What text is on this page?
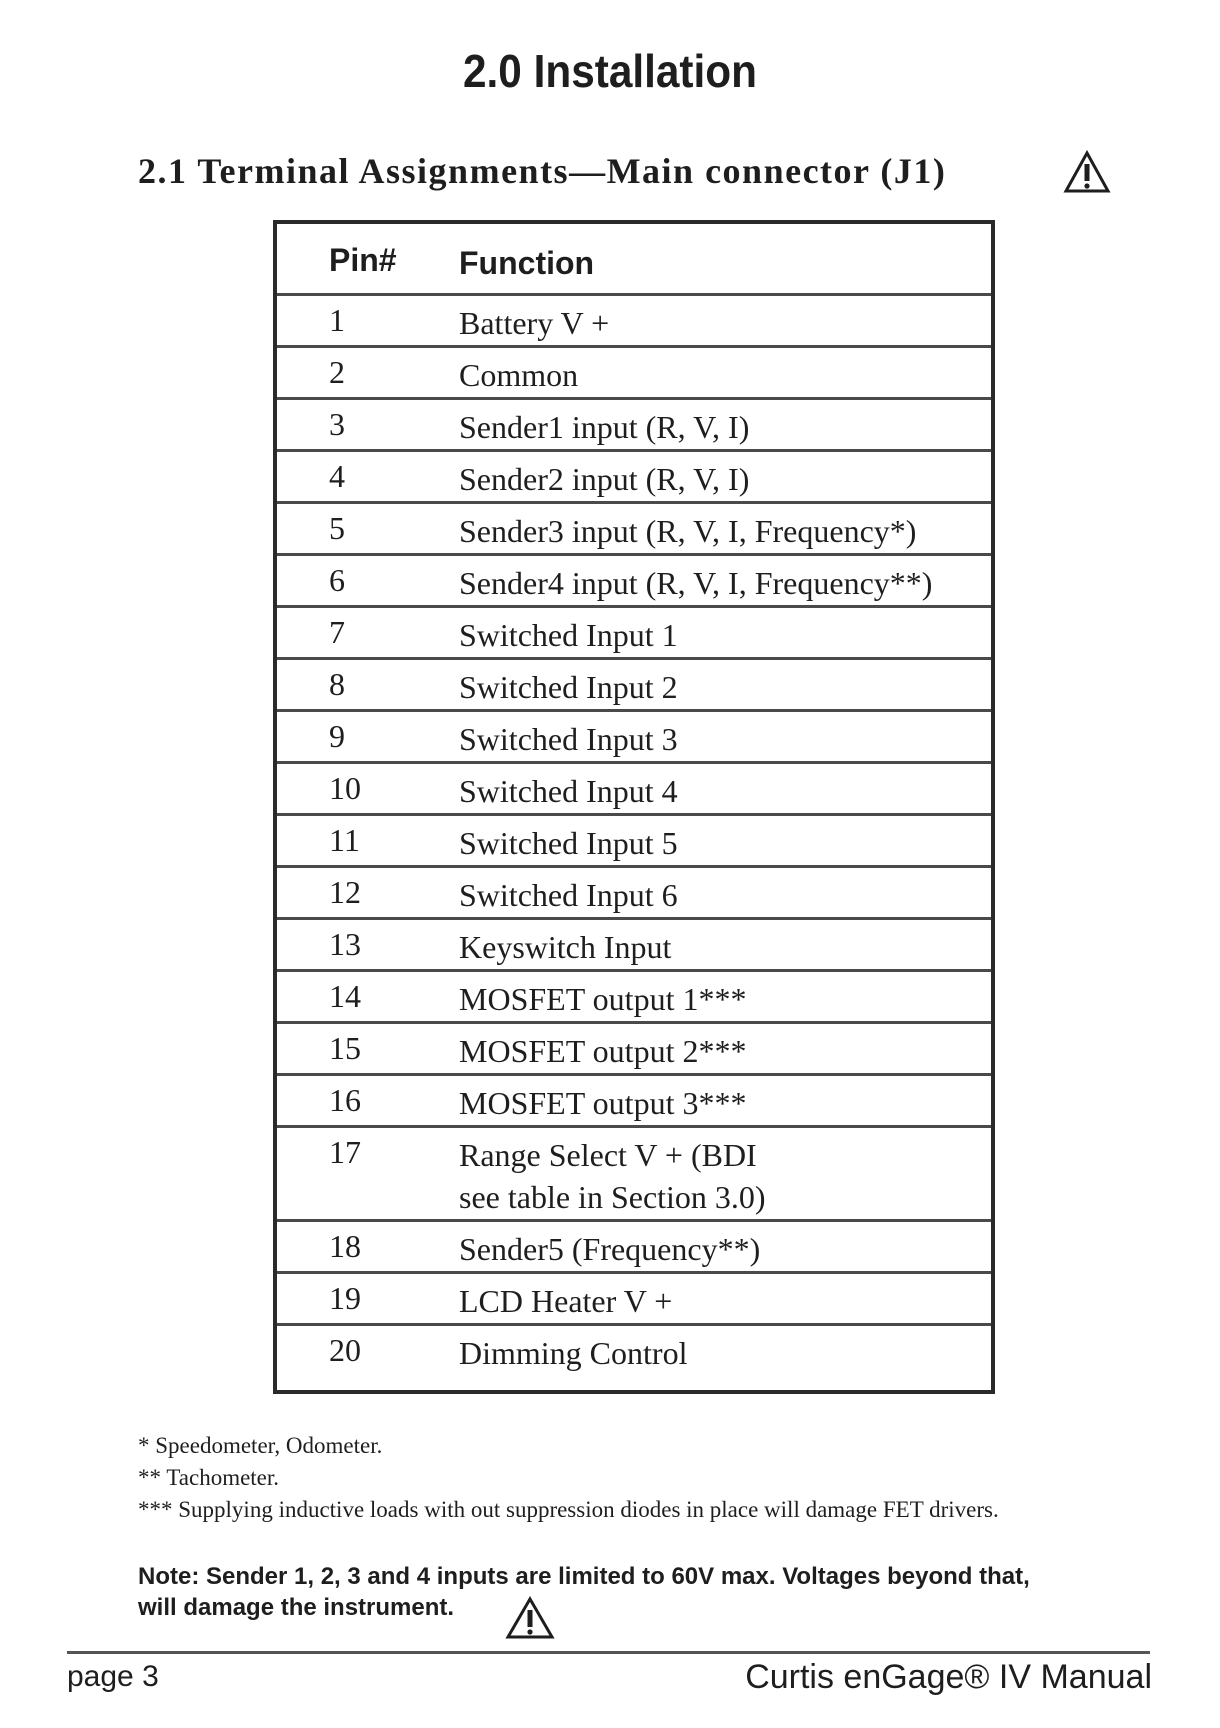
2.0 Installation
2.1 Terminal Assignments—Main connector (J1)
Pin# Function
1	Battery V +
2	Common
3	Sender1 input (R, V, I)
4	Sender2 input (R, V, I)
5	Sender3 input (R, V, I, Frequency*)
6	Sender4 input (R, V, I, Frequency**)
7	Switched Input 1
8	Switched Input 2
9	Switched Input 3
10	Switched Input 4
11	Switched Input 5
12	Switched Input 6
13	Keyswitch Input
14	MOSFET output 1***
15	MOSFET output 2***
16	MOSFET output 3***
17	Range Select V + (BDI
see table in Section 3.0)
18	Sender5 (Frequency**)
19	LCD Heater V +
20	Dimming Control
* Speedometer, Odometer.
** Tachometer.
*** Supplying inductive loads with out suppression diodes in place will damage FET drivers.
Note: Sender 1, 2, 3 and 4 inputs are limited to 60V max. Voltages beyond that,
will damage the instrument.
page 3	Curtis enGage® IV Manual
